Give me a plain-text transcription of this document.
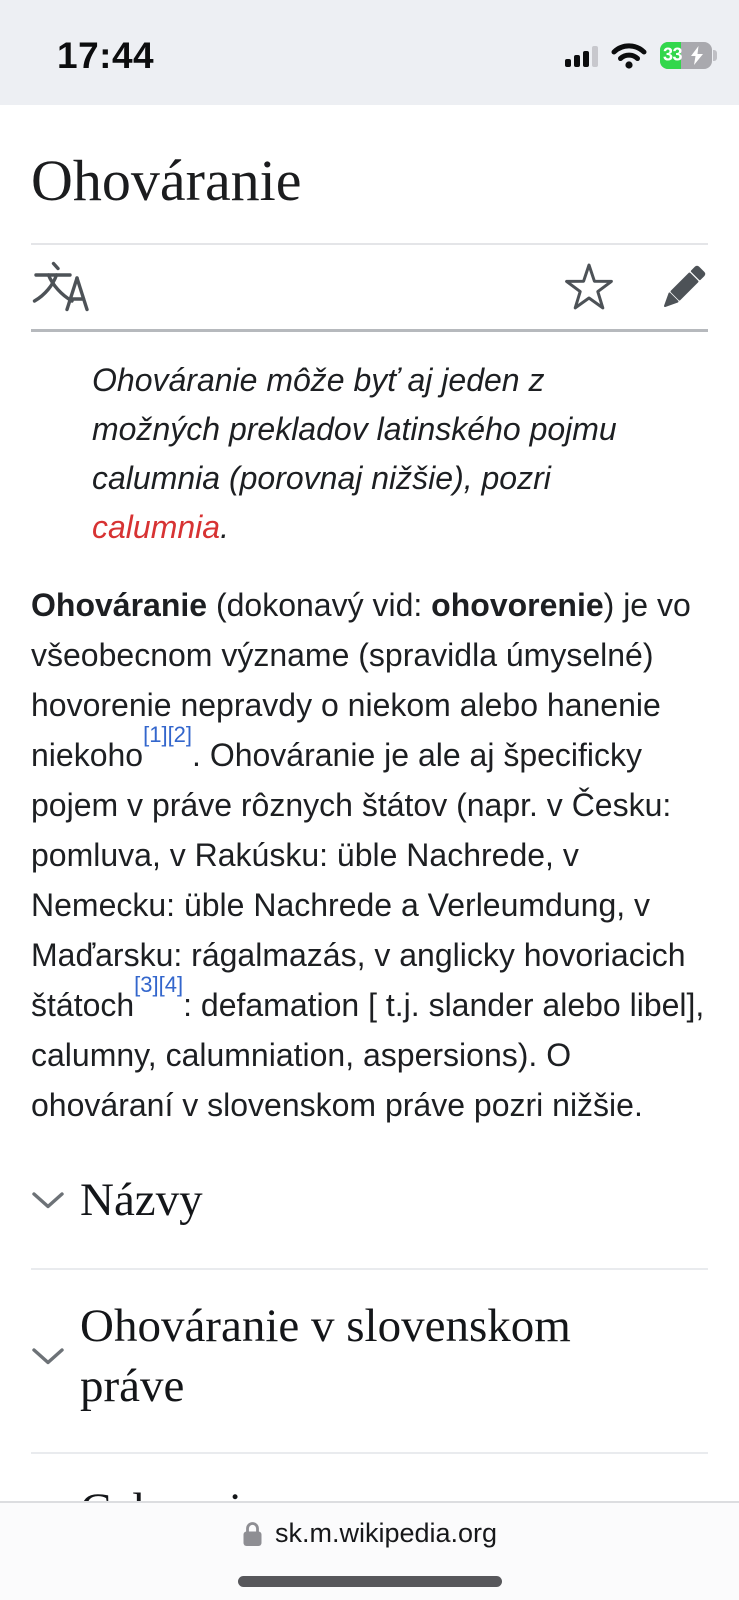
17:44	33
Ohováranie

Ohováranie môže byť aj jeden z možných prekladov latinského pojmu calumnia (porovnaj nižšie), pozri calumnia.

Ohováranie (dokonavý vid: ohovorenie) je vo všeobecnom význame (spravidla úmyselné) hovorenie nepravdy o niekom alebo hanenie niekoho[1][2]. Ohováranie je ale aj špecificky pojem v práve rôznych štátov (napr. v Česku: pomluva, v Rakúsku: üble Nachrede, v Nemecku: üble Nachrede a Verleumdung, v Maďarsku: rágalmazás, v anglicky hovoriacich štátoch[3][4]: defamation [ t.j. slander alebo libel], calumny, calumniation, aspersions). O ohováraní v slovenskom práve pozri nižšie.

Názvy
Ohováranie v slovenskom práve
sk.m.wikipedia.org
